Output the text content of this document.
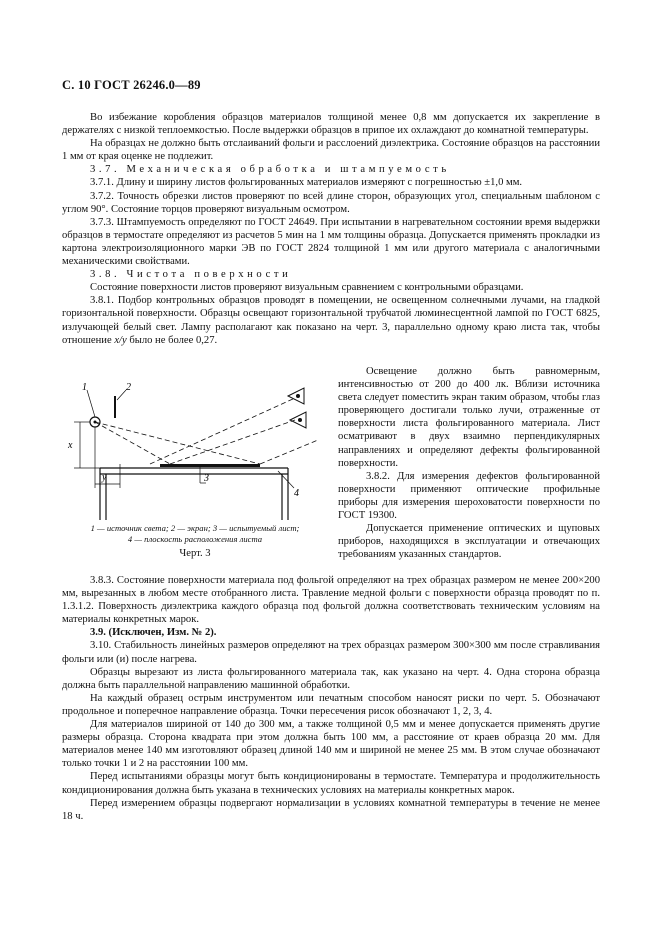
С. 10 ГОСТ 26246.0—89

Во избежание коробления образцов материалов толщиной менее 0,8 мм допускается их закрепление в держателях с низкой теплоемкостью. После выдержки образцов в припое их охлаждают до комнатной температуры.

На образцах не должно быть отслаиваний фольги и расслоений диэлектрика. Состояние образцов на расстоянии 1 мм от края оценке не подлежит.

3.7. Механическая обработка и штампуемость

3.7.1. Длину и ширину листов фольгированных материалов измеряют с погрешностью ±1,0 мм.

3.7.2. Точность обрезки листов проверяют по всей длине сторон, образующих угол, специальным шаблоном с углом 90°. Состояние торцов проверяют визуальным осмотром.

3.7.3. Штампуемость определяют по ГОСТ 24649. При испытании в нагревательном состоянии время выдержки образцов в термостате определяют из расчетов 5 мин на 1 мм толщины образца. Допускается применять прокладки из картона электроизоляционного марки ЭВ по ГОСТ 2824 толщиной 1 мм или другого материала с аналогичными механическими свойствами.

3.8. Чистота поверхности

Состояние поверхности листов проверяют визуальным сравнением с контрольными образцами.

3.8.1. Подбор контрольных образцов проводят в помещении, не освещенном солнечными лучами, на гладкой горизонтальной поверхности. Образцы освещают горизонтальной трубчатой люминесцентной лампой по ГОСТ 6825, излучающей белый свет. Лампу располагают как показано на черт. 3, параллельно одному краю листа так, чтобы отношение x/y было не более 0,27.

1	2
3
4
x
y
1 — источник света; 2 — экран; 3 — испытуемый лист;
4 — плоскость расположения листа
Черт. 3

Освещение должно быть равномерным, интенсивностью от 200 до 400 лк. Вблизи источника света следует поместить экран таким образом, чтобы глаз проверяющего достигали только лучи, отраженные от поверхности листа фольгированного материала. Лист осматривают в двух взаимно перпендикулярных направлениях и определяют дефекты фольгированной поверхности.

3.8.2. Для измерения дефектов фольгированной поверхности применяют оптические профильные приборы для измерения шероховатости поверхности по ГОСТ 19300.

Допускается применение оптических и щуповых приборов, находящихся в эксплуатации и отвечающих требованиям указанных стандартов.

3.8.3. Состояние поверхности материала под фольгой определяют на трех образцах размером не менее 200×200 мм, вырезанных в любом месте отобранного листа. Травление медной фольги с поверхности образца проводят по п. 1.3.1.2. Поверхность диэлектрика каждого образца под фольгой должна соответствовать техническим условиям на материалы конкретных марок.

3.9. (Исключен, Изм. № 2).

3.10. Стабильность линейных размеров определяют на трех образцах размером 300×300 мм после стравливания фольги или (и) после нагрева.

Образцы вырезают из листа фольгированного материала так, как указано на черт. 4. Одна сторона образца должна быть параллельной направлению машинной обработки.

На каждый образец острым инструментом или печатным способом наносят риски по черт. 5. Обозначают продольное и поперечное направление образца. Точки пересечения рисок обозначают 1, 2, 3, 4.

Для материалов шириной от 140 до 300 мм, а также толщиной 0,5 мм и менее допускается применять другие размеры образца. Сторона квадрата при этом должна быть 100 мм, а расстояние от краев образца 20 мм. Для материалов менее 140 мм изготовляют образец длиной 140 мм и шириной не менее 25 мм. В этом случае обозначают только точки 1 и 2 на расстоянии 100 мм.

Перед испытаниями образцы могут быть кондиционированы в термостате. Температура и продолжительность кондиционирования должна быть указана в технических условиях на материалы конкретных марок.

Перед измерением образцы подвергают нормализации в условиях комнатной температуры в течение не менее 18 ч.
